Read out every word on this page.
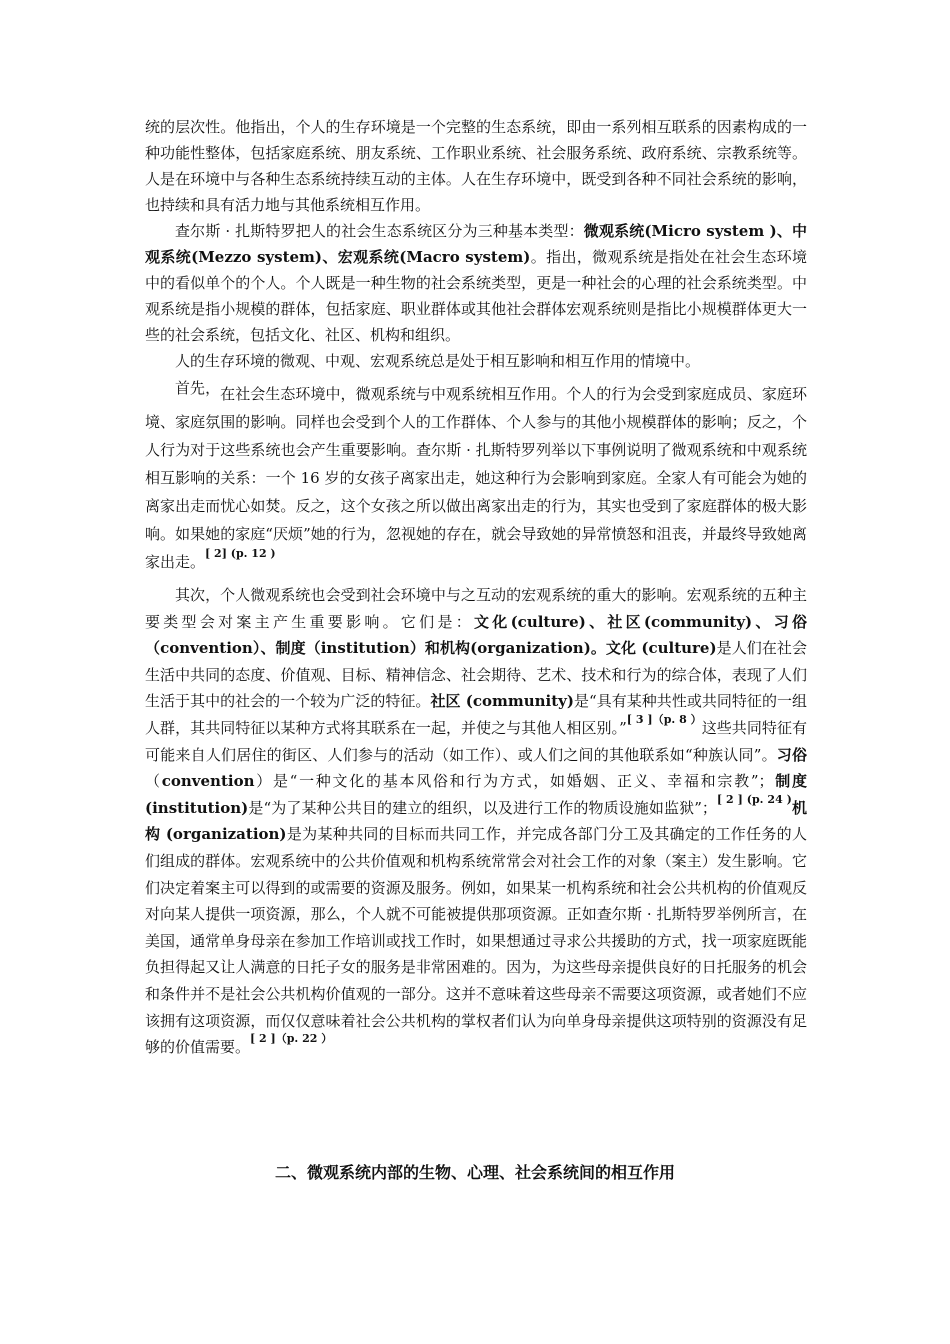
统的层次性。他指出，个人的生存环境是一个完整的生态系统，即由一系列相互联系的因素构成的一种功能性整体，包括家庭系统、朋友系统、工作职业系统、社会服务系统、政府系统、宗教系统等。人是在环境中与各种生态系统持续互动的主体。人在生存环境中，既受到各种不同社会系统的影响，也持续和具有活力地与其他系统相互作用。

查尔斯 · 扎斯特罗把人的社会生态系统区分为三种基本类型：微观系统(Micro system )、中观系统(Mezzo system)、宏观系统(Macro system)。指出，微观系统是指处在社会生态环境中的看似单个的个人。个人既是一种生物的社会系统类型，更是一种社会的心理的社会系统类型。中观系统是指小规模的群体，包括家庭、职业群体或其他社会群体宏观系统则是指比小规模群体更大一些的社会系统，包括文化、社区、机构和组织。

人的生存环境的微观、中观、宏观系统总是处于相互影响和相互作用的情境中。

首先，在社会生态环境中，微观系统与中观系统相互作用。个人的行为会受到家庭成员、家庭环境、家庭氛围的影响。同样也会受到个人的工作群体、个人参与的其他小规模群体的影响；反之，个人行为对于这些系统也会产生重要影响。查尔斯 · 扎斯特罗列举以下事例说明了微观系统和中观系统相互影响的关系：一个 16 岁的女孩子离家出走，她这种行为会影响到家庭。全家人有可能会为她的离家出走而忧心如焚。反之，这个女孩之所以做出离家出走的行为，其实也受到了家庭群体的极大影响。如果她的家庭“厌烦”她的行为，忽视她的存在，就会导致她的异常愤怒和沮丧，并最终导致她离家出走。$^{[ 2] (p. 12 )}$

其次，个人微观系统也会受到社会环境中与之互动的宏观系统的重大的影响。宏观系统的五种主要类型会对案主产生重要影响。它们是：文化(culture)、社区(community)、习俗（convention）、制度（institution）和机构(organization)。文化 (culture)是人们在社会生活中共同的态度、价值观、目标、精神信念、社会期待、艺术、技术和行为的综合体，表现了人们生活于其中的社会的一个较为广泛的特征。社区 (community)是“具有某种共性或共同特征的一组人群，其共同特征以某种方式将其联系在一起，并使之与其他人相区别。”$^{[ 3 ](p. 8 )}$这些共同特征有可能来自人们居住的街区、人们参与的活动（如工作）、或人们之间的其他联系如“种族认同”。习俗（convention）是“一种文化的基本风俗和行为方式，如婚姻、正义、幸福和宗教”；制度 (institution)是“为了某种公共目的建立的组织，以及进行工作的物质设施如监狱”；$^{[ 2 ] (p. 24 )}$机构 (organization)是为某种共同的目标而共同工作，并完成各部门分工及其确定的工作任务的人们组成的群体。宏观系统中的公共价值观和机构系统常常会对社会工作的对象（案主）发生影响。它们决定着案主可以得到的或需要的资源及服务。例如，如果某一机构系统和社会公共机构的价值观反对向某人提供一项资源，那么，个人就不可能被提供那项资源。正如查尔斯 · 扎斯特罗举例所言，在美国，通常单身母亲在参加工作培训或找工作时，如果想通过寻求公共援助的方式，找一项家庭既能负担得起又让人满意的日托子女的服务是非常困难的。因为，为这些母亲提供良好的日托服务的机会和条件并不是社会公共机构价值观的一部分。这并不意味着这些母亲不需要这项资源，或者她们不应该拥有这项资源，而仅仅意味着社会公共机构的掌权者们认为向单身母亲提供这项特别的资源没有足够的价值需要。$^{[ 2 ](p. 22 )}$

二、微观系统内部的生物、心理、社会系统间的相互作用
